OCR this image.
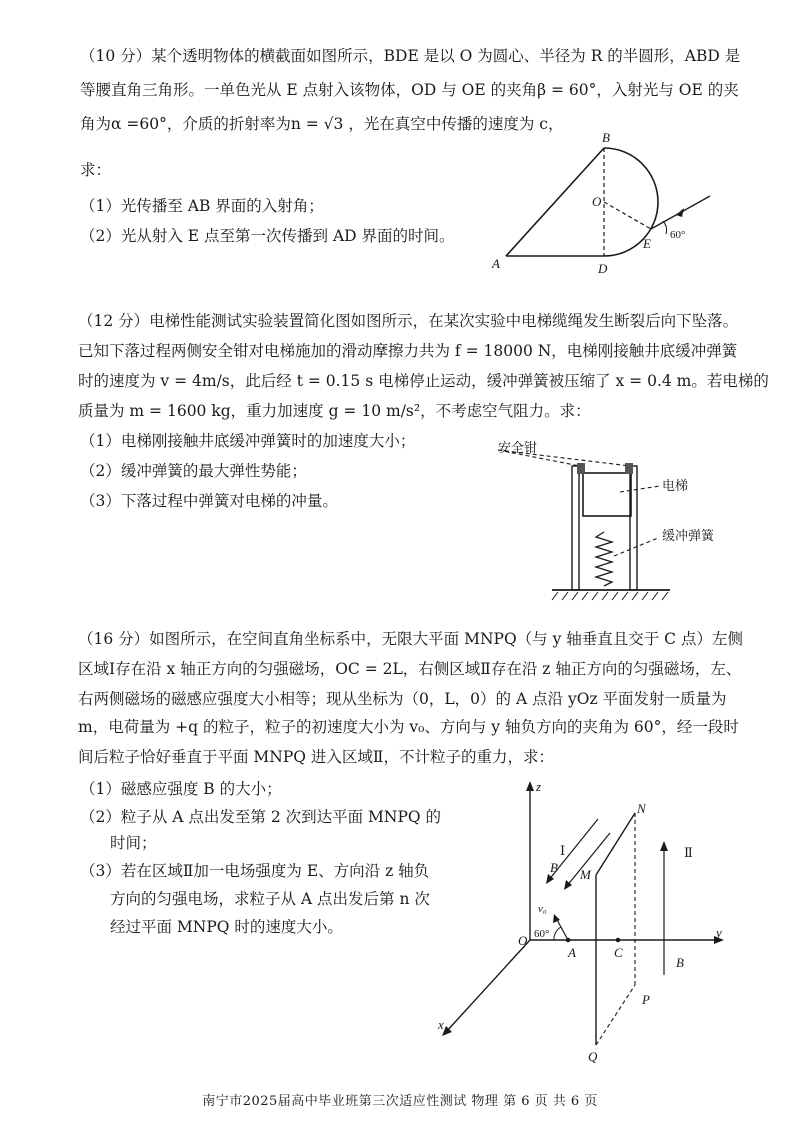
（10 分）某个透明物体的横截面如图所示，BDE 是以 O 为圆心、半径为 R 的半圆形，ABD 是
等腰直角三角形。一单色光从 E 点射入该物体，OD 与 OE 的夹角β = 60°，入射光与 OE 的夹
角为α =60°，介质的折射率为n = √3 ，光在真空中传播的速度为 c，
求：
（1）光传播至 AB 界面的入射角；
（2）光从射入 E 点至第一次传播到 AD 界面的时间。
B
O
E
A	D
60°
（12 分）电梯性能测试实验装置简化图如图所示，在某次实验中电梯缆绳发生断裂后向下坠落。
已知下落过程两侧安全钳对电梯施加的滑动摩擦力共为 f = 18000 N，电梯刚接触井底缓冲弹簧
时的速度为 v = 4m/s，此后经 t = 0.15 s 电梯停止运动，缓冲弹簧被压缩了 x = 0.4 m。若电梯的
质量为 m = 1600 kg，重力加速度 g = 10 m/s²，不考虑空气阻力。求：
（1）电梯刚接触井底缓冲弹簧时的加速度大小；
（2）缓冲弹簧的最大弹性势能；
（3）下落过程中弹簧对电梯的冲量。
安全钳
电梯
缓冲弹簧
（16 分）如图所示，在空间直角坐标系中，无限大平面 MNPQ（与 y 轴垂直且交于 C 点）左侧
区域Ⅰ存在沿 x 轴正方向的匀强磁场，OC = 2L，右侧区域Ⅱ存在沿 z 轴正方向的匀强磁场，左、
右两侧磁场的磁感应强度大小相等；现从坐标为（0，L，0）的 A 点沿 yOz 平面发射一质量为
m，电荷量为 +q 的粒子，粒子的初速度大小为 v₀、方向与 y 轴负方向的夹角为 60°，经一段时
间后粒子恰好垂直于平面 MNPQ 进入区域Ⅱ，不计粒子的重力，求：
（1）磁感应强度 B 的大小；
（2）粒子从 A 点出发至第 2 次到达平面 MNPQ 的
时间；
（3）若在区域Ⅱ加一电场强度为 E、方向沿 z 轴负
方向的匀强电场，求粒子从 A 点出发后第 n 次
经过平面 MNPQ 时的速度大小。
z
y
x
O
A	C
M
N
P
Q
Ⅰ	Ⅱ
B
B
v₀
60°
南宁市2025届高中毕业班第三次适应性测试 物理 第 6 页 共 6 页
